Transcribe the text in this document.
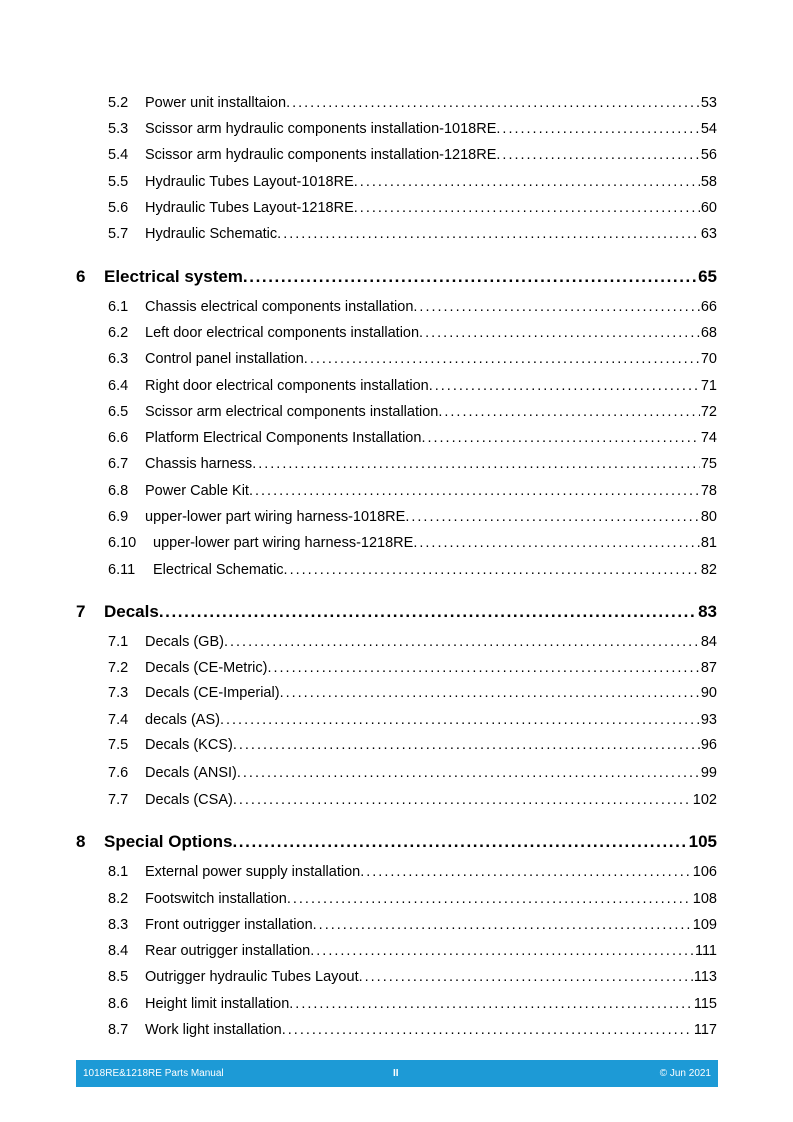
5.2 Power unit installtaion .....	53
5.3 Scissor arm hydraulic components installation-1018RE .....	54
5.4 Scissor arm hydraulic components installation-1218RE .....	56
5.5 Hydraulic Tubes Layout-1018RE .....	58
5.6 Hydraulic Tubes Layout-1218RE .....	60
5.7 Hydraulic Schematic .....	63
6 Electrical system .....	65
6.1 Chassis electrical components installation .....	66
6.2 Left door electrical components installation .....	68
6.3 Control panel installation .....	70
6.4 Right door electrical components installation .....	71
6.5 Scissor arm electrical components installation .....	72
6.6 Platform Electrical Components Installation .....	74
6.7 Chassis harness .....	75
6.8 Power Cable Kit .....	78
6.9 upper-lower part wiring harness-1018RE .....	80
6.10 upper-lower part wiring harness-1218RE .....	81
6.11 Electrical Schematic .....	82
7 Decals .....	83
7.1 Decals (GB) .....	84
7.2 Decals (CE-Metric) .....	87
7.3 Decals (CE-Imperial) .....	90
7.4 decals (AS) .....	93
7.5 Decals (KCS) .....	96
7.6 Decals (ANSI) .....	99
7.7 Decals (CSA) .....	102
8 Special Options .....	105
8.1 External power supply installation .....	106
8.2 Footswitch installation .....	108
8.3 Front outrigger installation .....	109
8.4 Rear outrigger installation .....	111
8.5 Outrigger hydraulic Tubes Layout .....	113
8.6 Height limit installation .....	115
8.7 Work light installation .....	117
1018RE&1218RE Parts Manual	II	© Jun 2021
